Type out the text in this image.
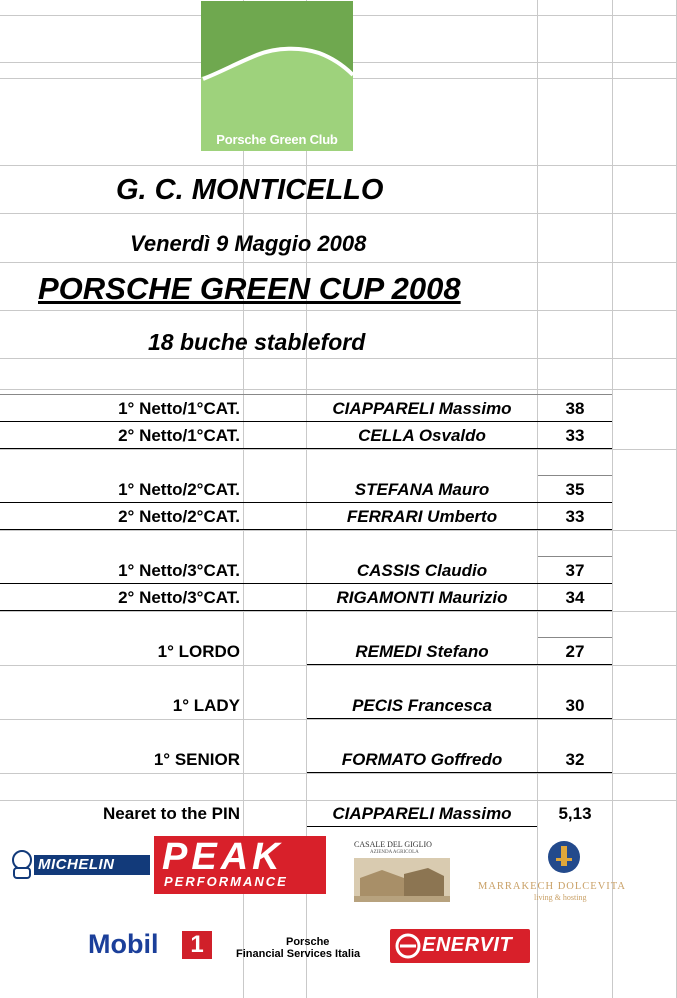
Porsche Green Club
G. C. MONTICELLO
Venerdì 9 Maggio 2008
PORSCHE GREEN CUP 2008
18 buche stableford
1° Netto/1°CAT.	CIAPPARELI Massimo	38
2° Netto/1°CAT.	CELLA Osvaldo	33
1° Netto/2°CAT.	STEFANA Mauro	35
2° Netto/2°CAT.	FERRARI Umberto	33
1° Netto/3°CAT.	CASSIS Claudio	37
2° Netto/3°CAT.	RIGAMONTI Maurizio	34
1° LORDO	REMEDI Stefano	27
1° LADY	PECIS Francesca	30
1° SENIOR	FORMATO Goffredo	32
Nearet to the PIN	CIAPPARELI Massimo	5,13
MICHELIN PEAK
PERFORMANCE
CASALE DEL GIGLIO
AZIENDA AGRICOLA
MARRAKECH DOLCEVITA
living & hosting
Mobil	1	Porsche
Financial Services Italia	ENERVIT
